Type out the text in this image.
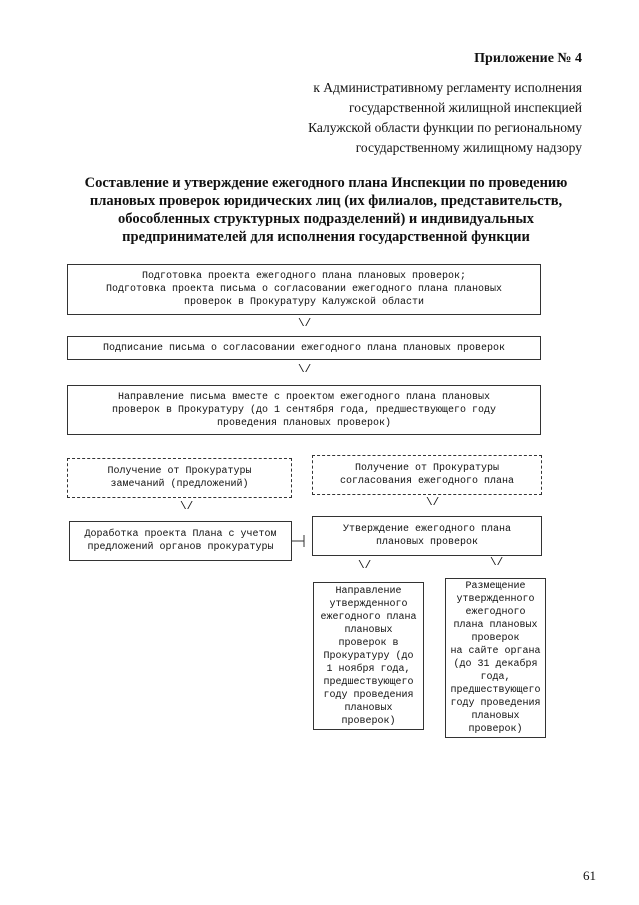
Приложение № 4
к Административному регламенту исполнения
государственной жилищной инспекцией
Калужской области функции по региональному
государственному жилищному надзору
Составление и утверждение ежегодного плана Инспекции по проведению плановых проверок юридических лиц (их филиалов, представительств, обособленных структурных подразделений) и индивидуальных предпринимателей для исполнения государственной функции
Подготовка проекта ежегодного плана плановых проверок;
Подготовка проекта письма о согласовании ежегодного плана плановых
проверок в Прокуратуру Калужской области
\/
Подписание письма о согласовании ежегодного плана плановых проверок
\/
Направление письма вместе с проектом ежегодного плана плановых
проверок в Прокуратуру (до 1 сентября года, предшествующего году
проведения плановых проверок)
Получение от Прокуратуры
замечаний (предложений)
Получение от Прокуратуры
согласования ежегодного плана
\/	\/
Доработка проекта Плана с учетом
предложений органов прокуратуры
Утверждение ежегодного плана
плановых проверок
\/	\/
Направление
утвержденного
ежегодного плана
плановых
проверок в
Прокуратуру (до
1 ноября года,
предшествующего
году проведения
плановых
проверок)
Размещение
утвержденного
ежегодного
плана плановых
проверок
на сайте органа
(до 31 декабря
года,
предшествующего
году проведения
плановых
проверок)
61
